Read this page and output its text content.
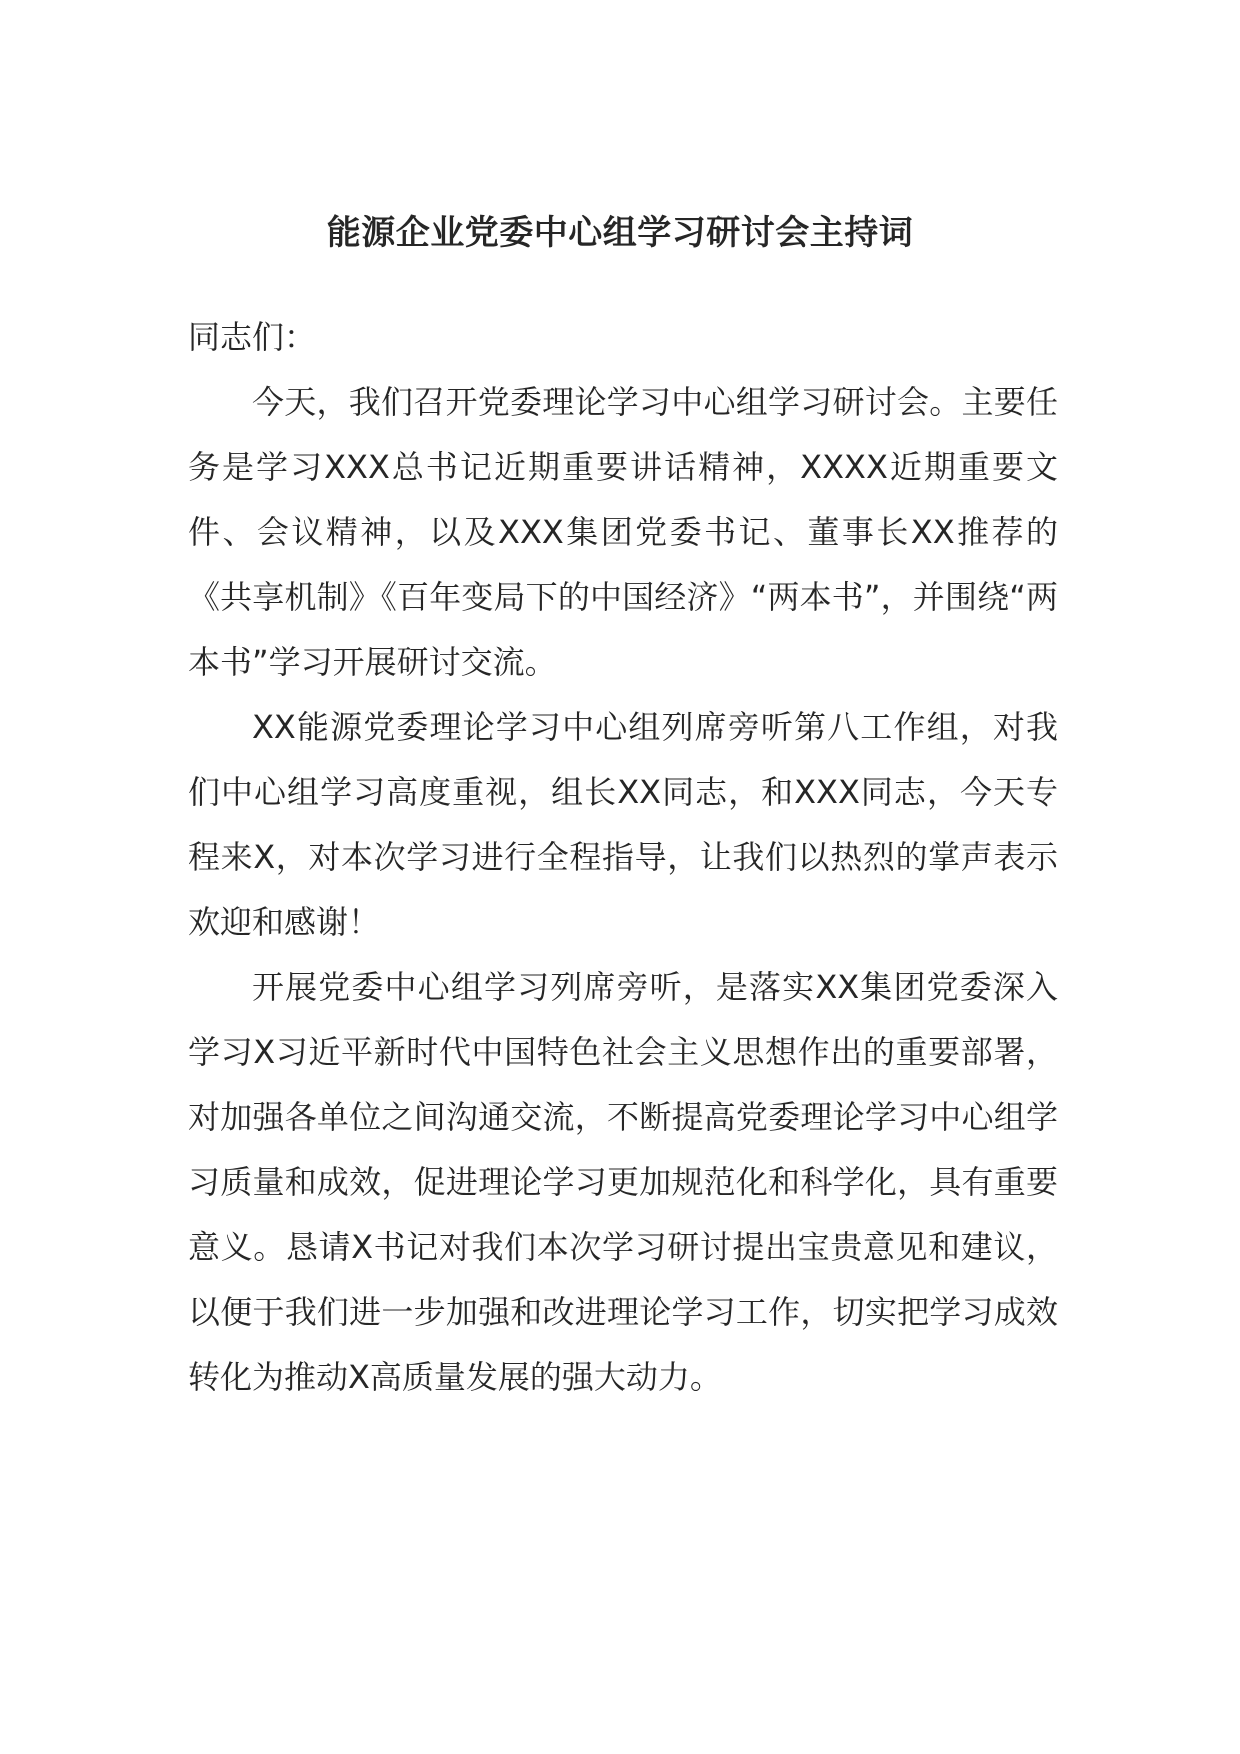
能源企业党委中心组学习研讨会主持词

同志们：

今天，我们召开党委理论学习中心组学习研讨会。主要任务是学习XXX总书记近期重要讲话精神，XXXX近期重要文件、会议精神，以及XXX集团党委书记、董事长XX推荐的《共享机制》《百年变局下的中国经济》“两本书”，并围绕“两本书”学习开展研讨交流。

XX能源党委理论学习中心组列席旁听第八工作组，对我们中心组学习高度重视，组长XX同志，和XXX同志，今天专程来X，对本次学习进行全程指导，让我们以热烈的掌声表示欢迎和感谢！

开展党委中心组学习列席旁听，是落实XX集团党委深入学习X习近平新时代中国特色社会主义思想作出的重要部署，对加强各单位之间沟通交流，不断提高党委理论学习中心组学习质量和成效，促进理论学习更加规范化和科学化，具有重要意义。恳请X书记对我们本次学习研讨提出宝贵意见和建议，以便于我们进一步加强和改进理论学习工作，切实把学习成效转化为推动X高质量发展的强大动力。
